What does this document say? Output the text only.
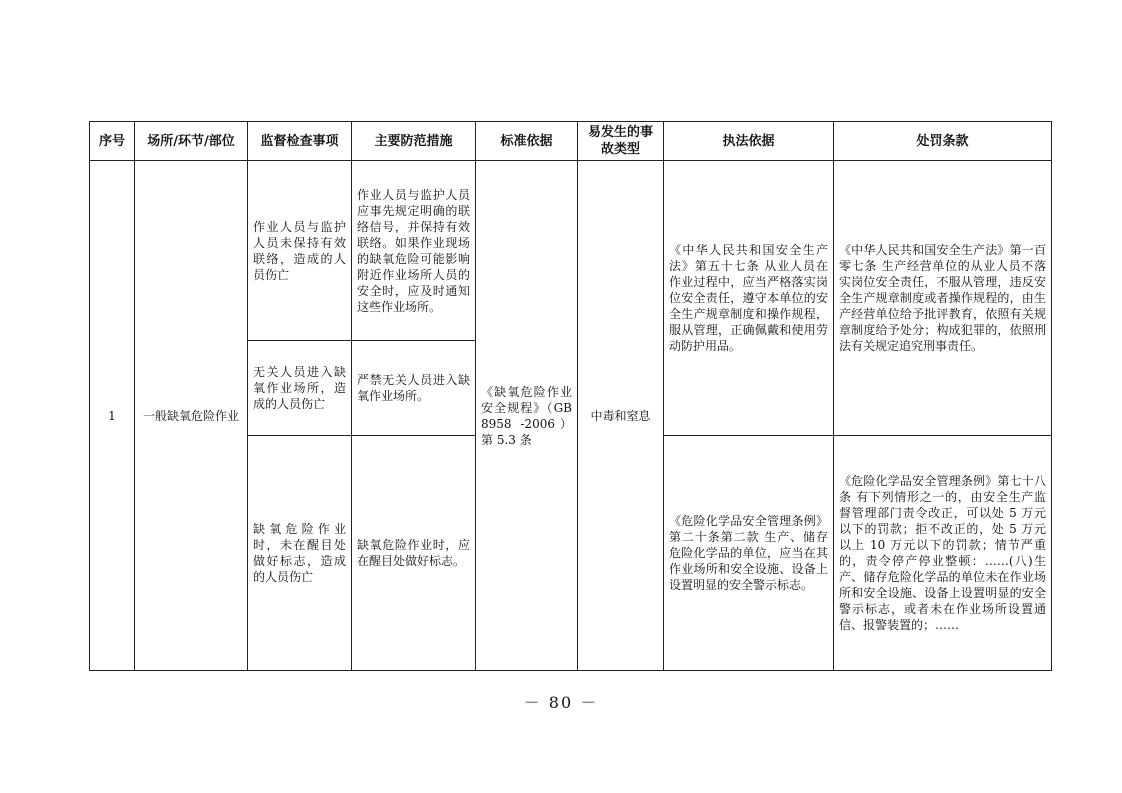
序号	场所/环节/部位	监督检查事项	主要防范措施	标准依据	易发生的事故类型	执法依据	处罚条款
1	一般缺氧危险作业	作业人员与监护人员未保持有效联络，造成的人员伤亡	作业人员与监护人员应事先规定明确的联络信号，并保持有效联络。如果作业现场的缺氧危险可能影响附近作业场所人员的安全时，应及时通知这些作业场所。	《缺氧危险作业安全规程》（GB 8958 -2006）第 5.3 条	中毒和窒息	《中华人民共和国安全生产法》第五十七条 从业人员在作业过程中，应当严格落实岗位安全责任，遵守本单位的安全生产规章制度和操作规程，服从管理，正确佩戴和使用劳动防护用品。	《中华人民共和国安全生产法》第一百零七条 生产经营单位的从业人员不落实岗位安全责任，不服从管理，违反安全生产规章制度或者操作规程的，由生产经营单位给予批评教育，依照有关规章制度给予处分；构成犯罪的，依照刑法有关规定追究刑事责任。
		无关人员进入缺氧作业场所，造成的人员伤亡	严禁无关人员进入缺氧作业场所。				
		缺氧危险作业时，未在醒目处做好标志，造成的人员伤亡	缺氧危险作业时，应在醒目处做好标志。			《危险化学品安全管理条例》第二十条第二款 生产、储存危险化学品的单位，应当在其作业场所和安全设施、设备上设置明显的安全警示标志。	《危险化学品安全管理条例》第七十八条 有下列情形之一的，由安全生产监督管理部门责令改正，可以处 5 万元以下的罚款；拒不改正的，处 5 万元以上 10 万元以下的罚款；情节严重的，责令停产停业整顿：……(八)生产、储存危险化学品的单位未在作业场所和安全设施、设备上设置明显的安全警示标志，或者未在作业场所设置通信、报警装置的；……
－ 80 －
